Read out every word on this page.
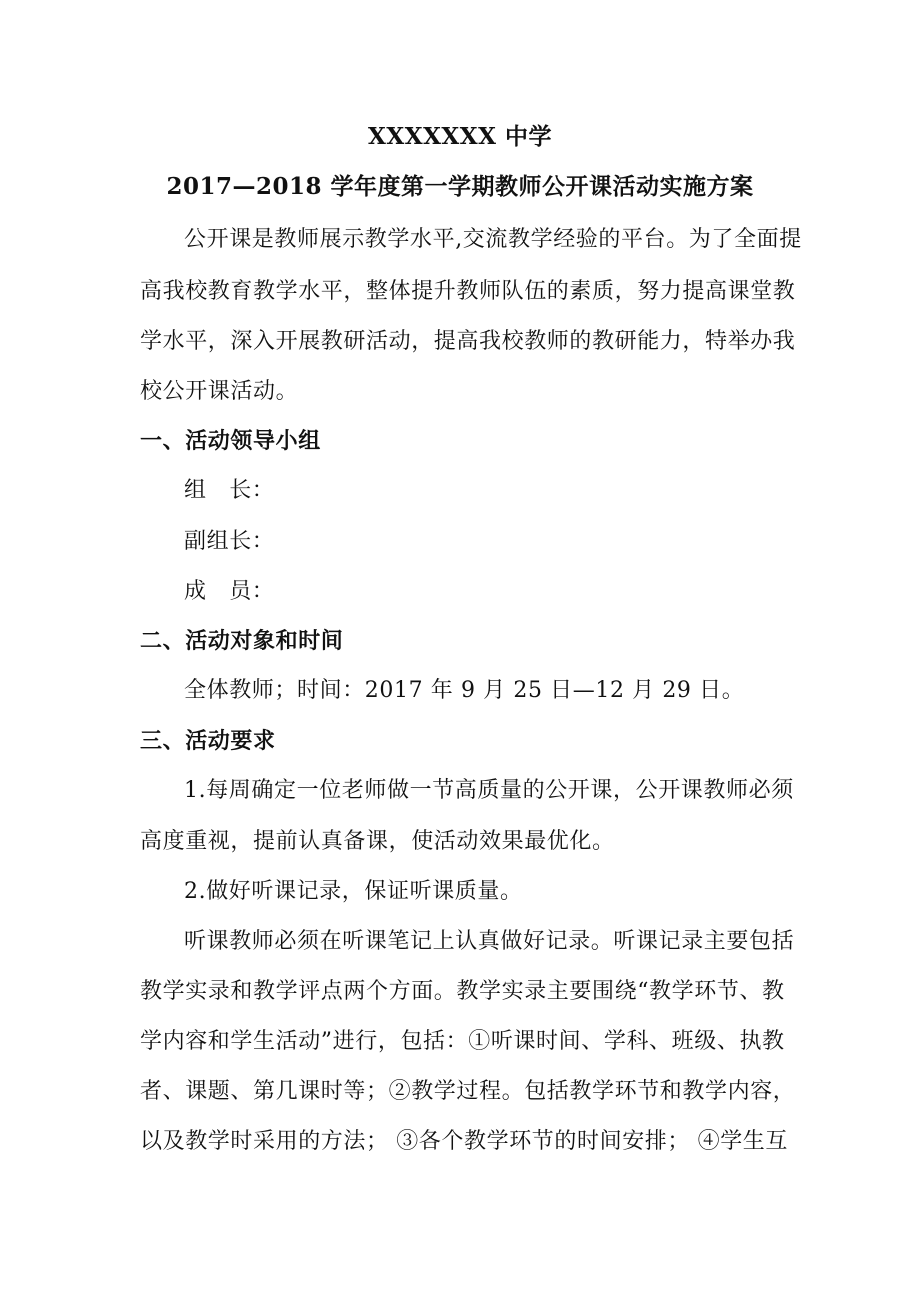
XXXXXXX 中学

2017—2018 学年度第一学期教师公开课活动实施方案

公开课是教师展示教学水平,交流教学经验的平台。为了全面提

高我校教育教学水平，整体提升教师队伍的素质，努力提高课堂教

学水平，深入开展教研活动，提高我校教师的教研能力，特举办我

校公开课活动。

一、活动领导小组

组　长：

副组长：

成　员：

二、活动对象和时间

全体教师；时间：2017 年 9 月 25 日—12 月 29 日。

三、活动要求

1.每周确定一位老师做一节高质量的公开课，公开课教师必须

高度重视，提前认真备课，使活动效果最优化。

2.做好听课记录，保证听课质量。

听课教师必须在听课笔记上认真做好记录。听课记录主要包括

教学实录和教学评点两个方面。教学实录主要围绕“教学环节、教

学内容和学生活动”进行，包括：①听课时间、学科、班级、执教

者、课题、第几课时等；②教学过程。包括教学环节和教学内容，

以及教学时采用的方法； ③各个教学环节的时间安排； ④学生互
